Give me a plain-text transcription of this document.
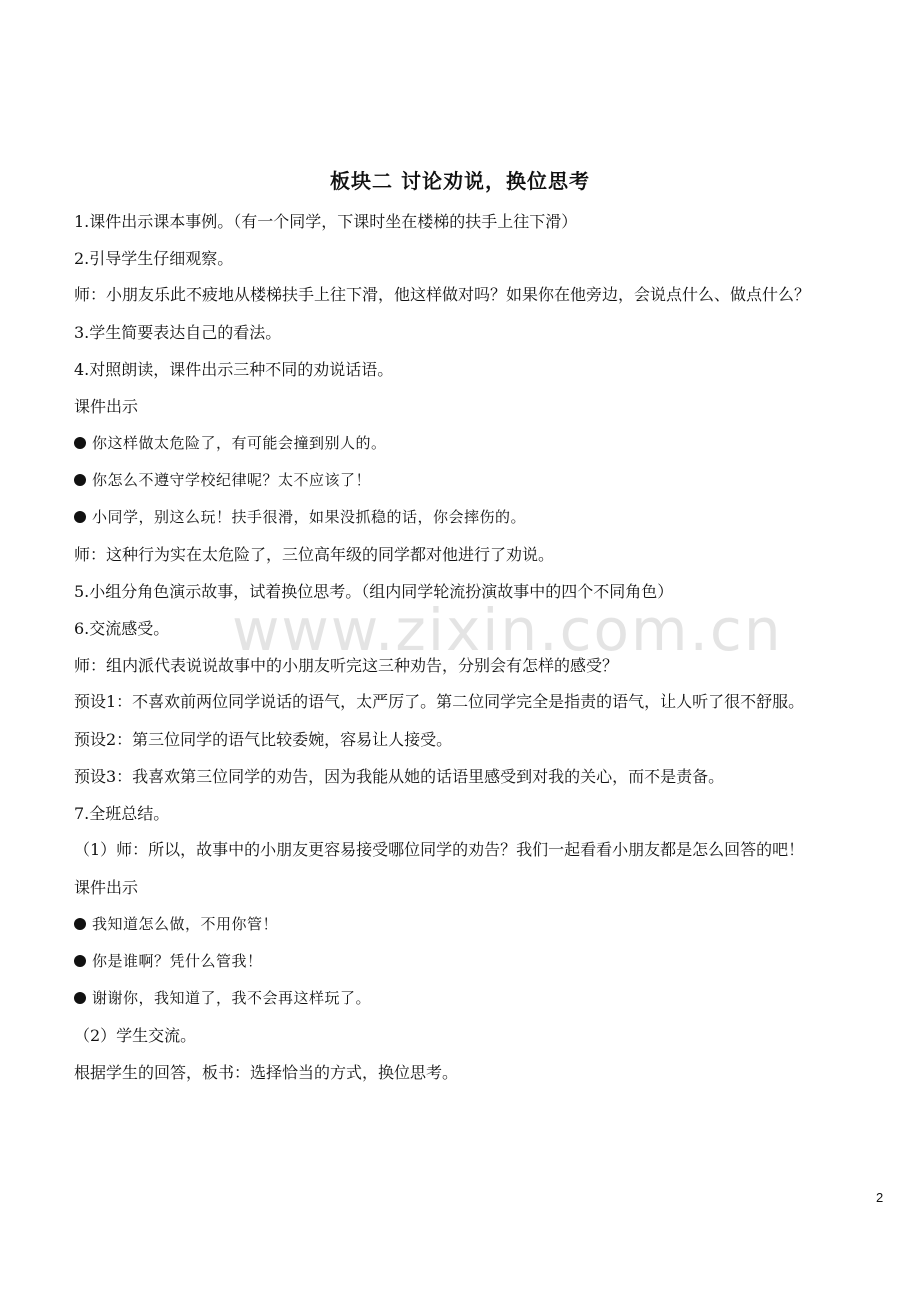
板块二 讨论劝说，换位思考

1.课件出示课本事例。（有一个同学，下课时坐在楼梯的扶手上往下滑）

2.引导学生仔细观察。

师：小朋友乐此不疲地从楼梯扶手上往下滑，他这样做对吗？如果你在他旁边，会说点什么、做点什么？

3.学生简要表达自己的看法。

4.对照朗读，课件出示三种不同的劝说话语。

课件出示

你这样做太危险了，有可能会撞到别人的。

你怎么不遵守学校纪律呢？太不应该了！

小同学，别这么玩！扶手很滑，如果没抓稳的话，你会摔伤的。

师：这种行为实在太危险了，三位高年级的同学都对他进行了劝说。

5.小组分角色演示故事，试着换位思考。（组内同学轮流扮演故事中的四个不同角色）

6.交流感受。

师：组内派代表说说故事中的小朋友听完这三种劝告，分别会有怎样的感受？

预设1：不喜欢前两位同学说话的语气，太严厉了。第二位同学完全是指责的语气，让人听了很不舒服。

预设2：第三位同学的语气比较委婉，容易让人接受。

预设3：我喜欢第三位同学的劝告，因为我能从她的话语里感受到对我的关心，而不是责备。

7.全班总结。

（1）师：所以，故事中的小朋友更容易接受哪位同学的劝告？我们一起看看小朋友都是怎么回答的吧！

课件出示

我知道怎么做，不用你管！

你是谁啊？凭什么管我！

谢谢你，我知道了，我不会再这样玩了。

（2）学生交流。

根据学生的回答，板书：选择恰当的方式，换位思考。

www.zixin.com.cn
2
